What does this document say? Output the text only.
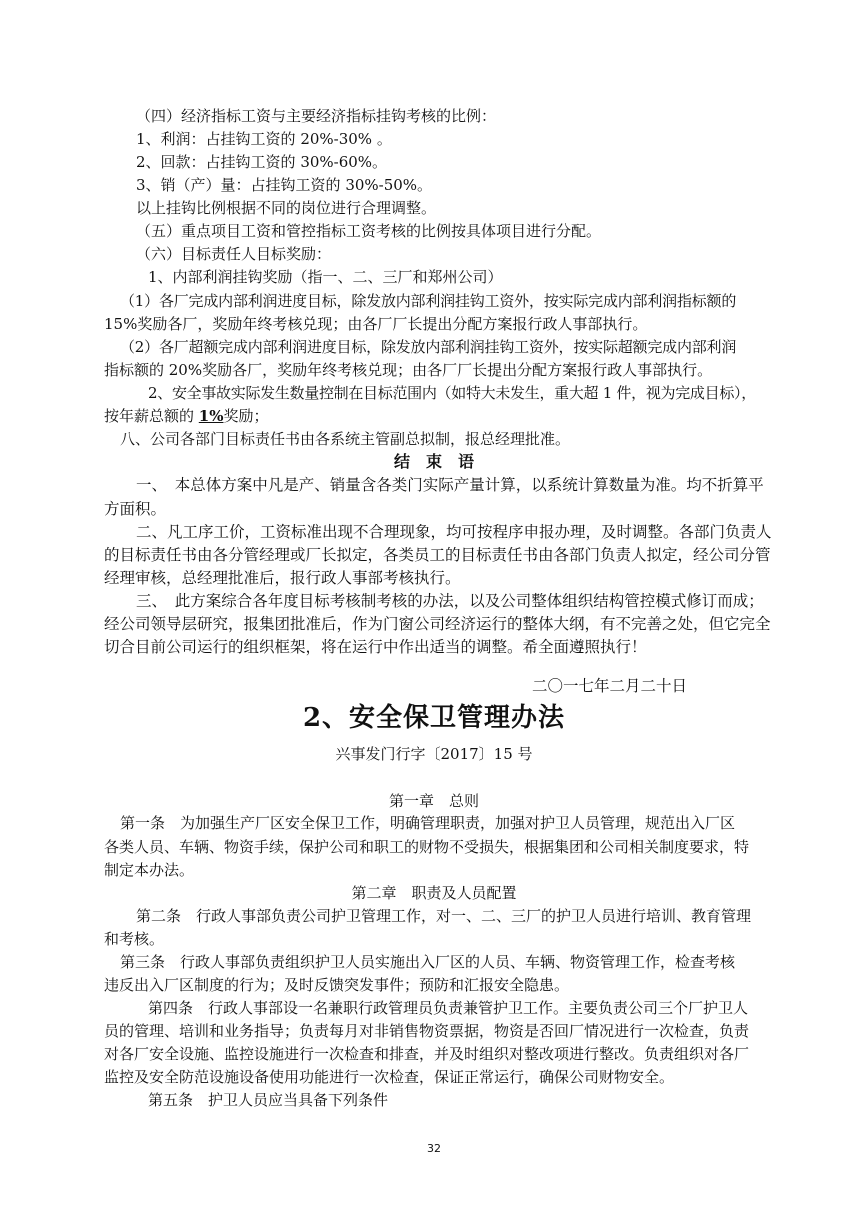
（四）经济指标工资与主要经济指标挂钩考核的比例：
1、利润：占挂钩工资的 20%-30% 。
2、回款：占挂钩工资的 30%-60%。
3、销（产）量：占挂钩工资的 30%-50%。
以上挂钩比例根据不同的岗位进行合理调整。
（五）重点项目工资和管控指标工资考核的比例按具体项目进行分配。
（六）目标责任人目标奖励：
1、内部利润挂钩奖励（指一、二、三厂和郑州公司）
（1）各厂完成内部利润进度目标，除发放内部利润挂钩工资外，按实际完成内部利润指标额的
15%奖励各厂，奖励年终考核兑现；由各厂厂长提出分配方案报行政人事部执行。
（2）各厂超额完成内部利润进度目标，除发放内部利润挂钩工资外，按实际超额完成内部利润
指标额的 20%奖励各厂，奖励年终考核兑现；由各厂厂长提出分配方案报行政人事部执行。
2、安全事故实际发生数量控制在目标范围内（如特大未发生，重大超 1 件，视为完成目标），
按年薪总额的 1%奖励；
八、公司各部门目标责任书由各系统主管副总拟制，报总经理批准。
结　束　语
一、　本总体方案中凡是产、销量含各类门实际产量计算，以系统计算数量为准。均不折算平
方面积。
二、凡工序工价，工资标准出现不合理现象，均可按程序申报办理，及时调整。各部门负责人
的目标责任书由各分管经理或厂长拟定，各类员工的目标责任书由各部门负责人拟定，经公司分管
经理审核，总经理批准后，报行政人事部考核执行。
三、　此方案综合各年度目标考核制考核的办法，以及公司整体组织结构管控模式修订而成；
经公司领导层研究，报集团批准后，作为门窗公司经济运行的整体大纲，有不完善之处，但它完全
切合目前公司运行的组织框架，将在运行中作出适当的调整。希全面遵照执行！
二〇一七年二月二十日
2、安全保卫管理办法
兴事发门行字〔2017〕15 号
第一章　总则
第一条　为加强生产厂区安全保卫工作，明确管理职责，加强对护卫人员管理，规范出入厂区
各类人员、车辆、物资手续，保护公司和职工的财物不受损失，根据集团和公司相关制度要求，特
制定本办法。
第二章　职责及人员配置
第二条　行政人事部负责公司护卫管理工作，对一、二、三厂的护卫人员进行培训、教育管理
和考核。
第三条　行政人事部负责组织护卫人员实施出入厂区的人员、车辆、物资管理工作，检查考核
违反出入厂区制度的行为；及时反馈突发事件；预防和汇报安全隐患。
第四条　行政人事部设一名兼职行政管理员负责兼管护卫工作。主要负责公司三个厂护卫人
员的管理、培训和业务指导；负责每月对非销售物资票据，物资是否回厂情况进行一次检查，负责
对各厂安全设施、监控设施进行一次检查和排查，并及时组织对整改项进行整改。负责组织对各厂
监控及安全防范设施设备使用功能进行一次检查，保证正常运行，确保公司财物安全。
第五条　护卫人员应当具备下列条件
32
